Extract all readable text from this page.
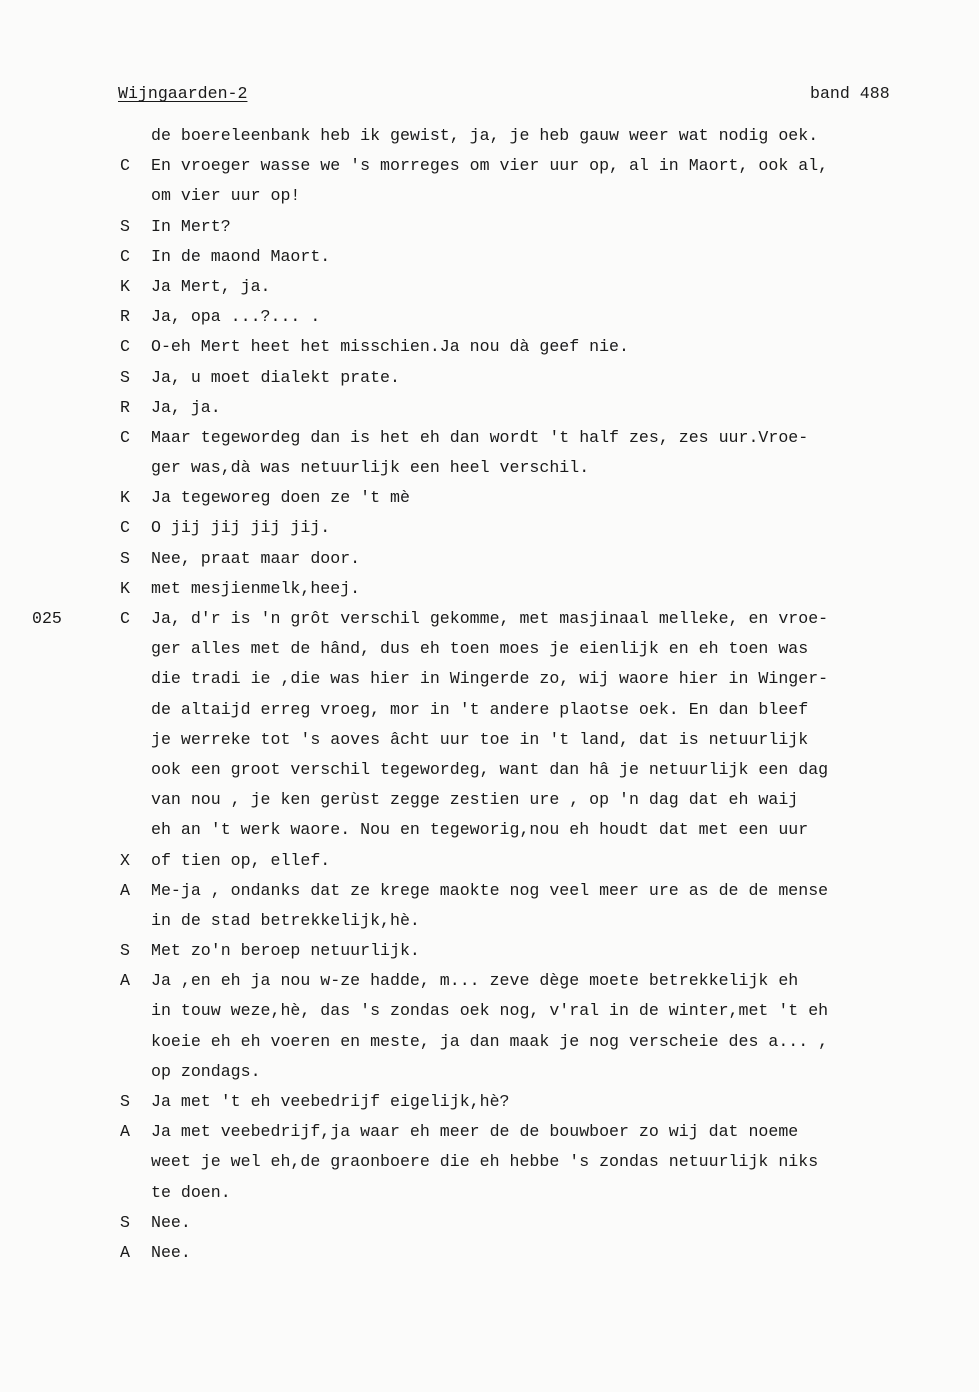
Wijngaarden-2	band 488
de boereleenbank heb ik gewist, ja, je heb gauw weer wat nodig oek.
C En vroeger wasse we 's morreges om vier uur op, al in Maort, ook al,
om vier uur op!
S In Mert?
C In de maond Maort.
K Ja Mert, ja.
R Ja, opa ...?... .
C O-eh Mert heet het misschien.Ja nou dà geef nie.
S Ja, u moet dialekt prate.
R Ja, ja.
C Maar tegewordeg dan is het eh dan wordt 't half zes, zes uur.Vroe-
ger was,dà was netuurlijk een heel verschil.
K Ja tegeworeg doen ze 't mè
C O jij jij jij jij.
S Nee, praat maar door.
K met mesjienmelk,heej.
025	C Ja, d'r is 'n grôt verschil gekomme, met masjinaal melleke, en vroe-
ger alles met de hând, dus eh toen moes je eienlijk en eh toen was
die tradi ie ,die was hier in Wingerde zo, wij waore hier in Winger-
de altaijd erreg vroeg, mor in 't andere plaotse oek. En dan bleef
je werreke tot 's aoves âcht uur toe in 't land, dat is netuurlijk
ook een groot verschil tegewordeg, want dan hâ je netuurlijk een dag
van nou , je ken gerùst zegge zestien ure , op 'n dag dat eh waij
eh an 't werk waore. Nou en tegeworig,nou eh houdt dat met een uur
X of tien op, ellef.
A Me-ja , ondanks dat ze krege maokte nog veel meer ure as de de mense
in de stad betrekkelijk,hè.
S Met zo'n beroep netuurlijk.
A Ja ,en eh ja nou w-ze hadde, m... zeve dège moete betrekkelijk eh
in touw weze,hè, das 's zondas oek nog, v'ral in de winter,met 't eh
koeie eh eh voeren en meste, ja dan maak je nog verscheie des a... ,
op zondags.
S Ja met 't eh veebedrijf eigelijk,hè?
A Ja met veebedrijf,ja waar eh meer de de bouwboer zo wij dat noeme
weet je wel eh,de graonboere die eh hebbe 's zondas netuurlijk niks
te doen.
S Nee.
A Nee.
